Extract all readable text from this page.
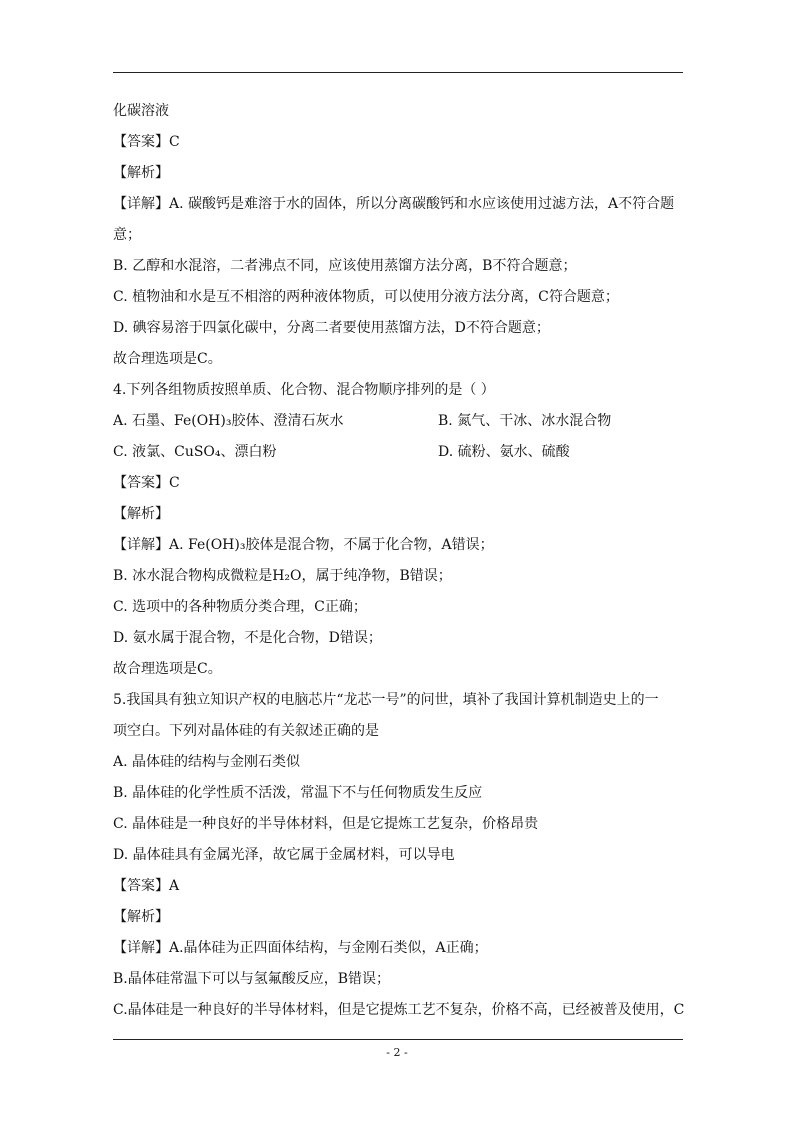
化碳溶液
【答案】C
【解析】
【详解】A. 碳酸钙是难溶于水的固体，所以分离碳酸钙和水应该使用过滤方法，A不符合题
意；
B. 乙醇和水混溶，二者沸点不同，应该使用蒸馏方法分离，B不符合题意；
C. 植物油和水是互不相溶的两种液体物质，可以使用分液方法分离，C符合题意；
D. 碘容易溶于四氯化碳中，分离二者要使用蒸馏方法，D不符合题意；
故合理选项是C。
4.下列各组物质按照单质、化合物、混合物顺序排列的是（ ）
A. 石墨、Fe(OH)₃胶体、澄清石灰水	B. 氮气、干冰、冰水混合物
C. 液氯、CuSO₄、漂白粉	D. 硫粉、氨水、硫酸
【答案】C
【解析】
【详解】A. Fe(OH)₃胶体是混合物，不属于化合物，A错误；
B. 冰水混合物构成微粒是H₂O，属于纯净物，B错误；
C. 选项中的各种物质分类合理，C正确；
D. 氨水属于混合物，不是化合物，D错误；
故合理选项是C。
5.我国具有独立知识产权的电脑芯片“龙芯一号”的问世，填补了我国计算机制造史上的一
项空白。下列对晶体硅的有关叙述正确的是
A. 晶体硅的结构与金刚石类似
B. 晶体硅的化学性质不活泼，常温下不与任何物质发生反应
C. 晶体硅是一种良好的半导体材料，但是它提炼工艺复杂，价格昂贵
D. 晶体硅具有金属光泽，故它属于金属材料，可以导电
【答案】A
【解析】
【详解】A.晶体硅为正四面体结构，与金刚石类似，A正确；
B.晶体硅常温下可以与氢氟酸反应，B错误；
C.晶体硅是一种良好的半导体材料，但是它提炼工艺不复杂，价格不高，已经被普及使用，C
- 2 -
